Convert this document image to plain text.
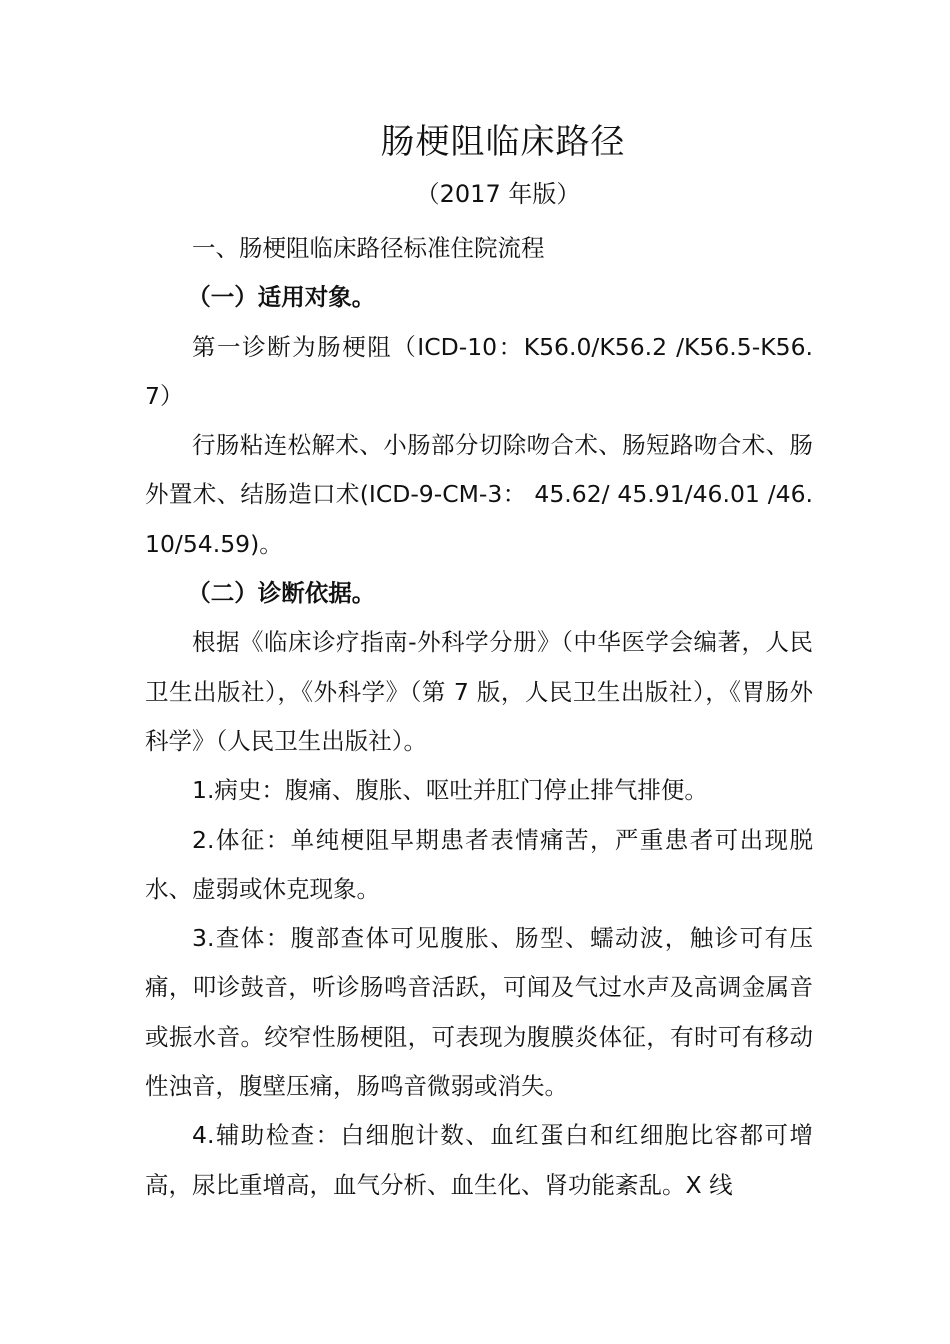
肠梗阻临床路径
（2017 年版）

一、肠梗阻临床路径标准住院流程

（一）适用对象。

第一诊断为肠梗阻（ICD-10：K56.0/K56.2 /K56.5-K56.7）

行肠粘连松解术、小肠部分切除吻合术、肠短路吻合术、肠外置术、结肠造口术(ICD-9-CM-3： 45.62/ 45.91/46.01 /46.10/54.59)。

（二）诊断依据。

根据《临床诊疗指南-外科学分册》（中华医学会编著，人民卫生出版社），《外科学》（第 7 版，人民卫生出版社），《胃肠外科学》（人民卫生出版社）。

1.病史：腹痛、腹胀、呕吐并肛门停止排气排便。

2.体征：单纯梗阻早期患者表情痛苦，严重患者可出现脱水、虚弱或休克现象。

3.查体：腹部查体可见腹胀、肠型、蠕动波，触诊可有压痛，叩诊鼓音，听诊肠鸣音活跃，可闻及气过水声及高调金属音或振水音。绞窄性肠梗阻，可表现为腹膜炎体征，有时可有移动性浊音，腹壁压痛，肠鸣音微弱或消失。

4.辅助检查：白细胞计数、血红蛋白和红细胞比容都可增高，尿比重增高，血气分析、血生化、肾功能紊乱。X 线
